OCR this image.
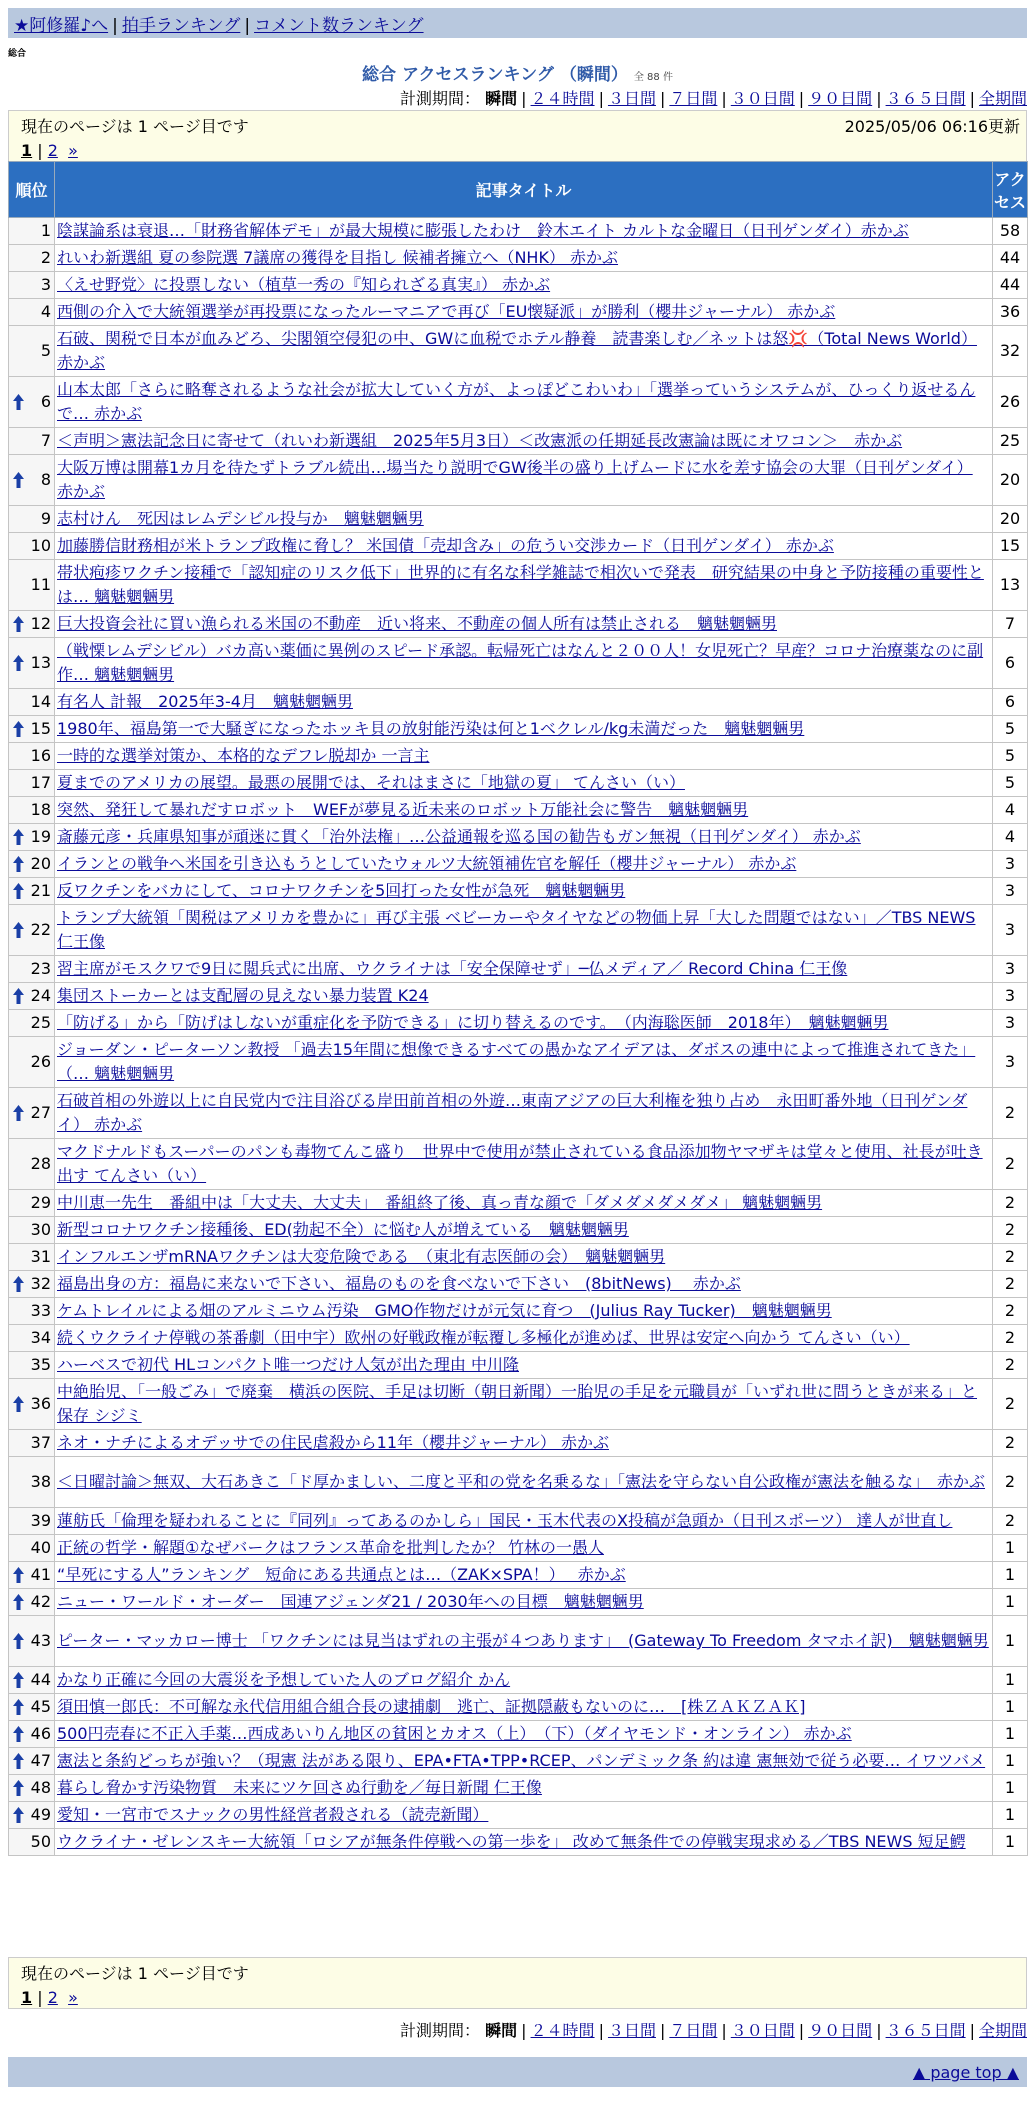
★阿修羅♪へ | 拍手ランキング | コメント数ランキング
総合
総合 アクセスランキング （瞬間） 全 88 件
計測期間： 瞬間 | ２４時間 | ３日間 | ７日間 | ３０日間 | ９０日間 | ３６５日間 | 全期間
現在のページは 1 ページ目です	2025/05/06 06:16更新
1 | 2 »
順位	記事タイトル	アクセス
1	陰謀論系は衰退…「財務省解体デモ」が最大規模に膨張したわけ　鈴木エイト カルトな金曜日（日刊ゲンダイ）赤かぶ	58
2	れいわ新選組 夏の参院選 7議席の獲得を目指し 候補者擁立へ（NHK） 赤かぶ	44
3	〈えせ野党〉に投票しない（植草一秀の『知られざる真実』） 赤かぶ	44
4	西側の介入で大統領選挙が再投票になったルーマニアで再び「EU懐疑派」が勝利（櫻井ジャーナル） 赤かぶ	36
5	石破、関税で日本が血みどろ、尖閣領空侵犯の中、GWに血税でホテル静養　読書楽しむ／ネットは怒💢（Total News World） 赤かぶ	32

6	山本太郎「さらに略奪されるような社会が拡大していく方が、よっぽどこわいわ」「選挙っていうシステムが、ひっくり返せるんで… 赤かぶ	26
7	＜声明＞憲法記念日に寄せて（れいわ新選組　2025年5月3日）＜改憲派の任期延長改憲論は既にオワコン＞　赤かぶ	25

8	大阪万博は開幕1カ月を待たずトラブル続出…場当たり説明でGW後半の盛り上げムードに水を差す協会の大罪（日刊ゲンダイ） 赤かぶ	20
9	志村けん　死因はレムデシビル投与か　魑魅魍魎男	20
10	加藤勝信財務相が米トランプ政権に脅し？ 米国債「売却含み」の危うい交渉カード（日刊ゲンダイ） 赤かぶ	15
11	帯状疱疹ワクチン接種で「認知症のリスク低下」世界的に有名な科学雑誌で相次いで発表　研究結果の中身と予防接種の重要性とは… 魑魅魍魎男	13

12	巨大投資会社に買い漁られる米国の不動産　近い将来、不動産の個人所有は禁止される　魑魅魍魎男	7

13	（戦慄レムデシビル）バカ高い薬価に異例のスピード承認。転帰死亡はなんと２００人！女児死亡？早産？コロナ治療薬なのに副作… 魑魅魍魎男	6
14	有名人 計報　2025年3-4月　魑魅魍魎男	6

15	1980年、福島第一で大騒ぎになったホッキ貝の放射能汚染は何と1ベクレル/kg未満だった　魑魅魍魎男	5
16	一時的な選挙対策か、本格的なデフレ脱却か 一言主	5
17	夏までのアメリカの展望。最悪の展開では、それはまさに「地獄の夏」 てんさい（い）	5
18	突然、発狂して暴れだすロボット　WEFが夢見る近未来のロボット万能社会に警告　魑魅魍魎男	4

19	斎藤元彦・兵庫県知事が頑迷に貫く「治外法権」…公益通報を巡る国の勧告もガン無視（日刊ゲンダイ） 赤かぶ	4

20	イランとの戦争へ米国を引き込もうとしていたウォルツ大統領補佐官を解任（櫻井ジャーナル） 赤かぶ	3

21	反ワクチンをバカにして、コロナワクチンを5回打った女性が急死　魑魅魍魎男	3

22	トランプ大統領「関税はアメリカを豊かに」再び主張 ベビーカーやタイヤなどの物価上昇「大した問題ではない」／TBS NEWS 仁王像	3
23	習主席がモスクワで9日に閲兵式に出席、ウクライナは「安全保障せず」─仏メディア／ Record China 仁王像	3

24	集団ストーカーとは支配層の見えない暴力装置 K24	3
25	「防げる」から「防げはしないが重症化を予防できる」に切り替えるのです。　（内海聡医師　2018年）　魑魅魍魎男	3
26	ジョーダン・ピーターソン教授 「過去15年間に想像できるすべての愚かなアイデアは、ダボスの連中によって推進されてきた」（… 魑魅魍魎男	3

27	石破首相の外遊以上に自民党内で注目浴びる岸田前首相の外遊…東南アジアの巨大利権を独り占め　永田町番外地（日刊ゲンダイ） 赤かぶ	2
28	マクドナルドもスーパーのパンも毒物てんこ盛り　世界中で使用が禁止されている食品添加物ヤマザキは堂々と使用、社長が吐き出す てんさい（い）	2
29	中川恵一先生　番組中は「大丈夫、大丈夫」　番組終了後、真っ青な顔で「ダメダメダメダメ」 魑魅魍魎男	2
30	新型コロナワクチン接種後、ED(勃起不全）に悩む人が増えている　魑魅魍魎男	2
31	インフルエンザmRNAワクチンは大変危険である　（東北有志医師の会）　魑魅魍魎男	2

32	福島出身の方：福島に来ないで下さい、福島のものを食べないで下さい　(8bitNews)　 赤かぶ	2
33	ケムトレイルによる畑のアルミニウム汚染　GMO作物だけが元気に育つ　(Julius Ray Tucker)　魑魅魍魎男	2
34	続くウクライナ停戦の茶番劇（田中宇）欧州の好戦政権が転覆し多極化が進めば、世界は安定へ向かう てんさい（い）	2
35	ハーベスで初代 HLコンパクト唯一つだけ人気が出た理由 中川隆	2

36	中絶胎児、「一般ごみ」で廃棄　横浜の医院、手足は切断（朝日新聞）一胎児の手足を元職員が「いずれ世に問うときが来る」と保存 シジミ	2
37	ネオ・ナチによるオデッサでの住民虐殺から11年（櫻井ジャーナル） 赤かぶ	2
38	＜日曜討論＞無双、大石あきこ「ド厚かましい、二度と平和の党を名乗るな」「憲法を守らない自公政権が憲法を触るな」　赤かぶ	2
39	蓮舫氏「倫理を疑われることに『同列』ってあるのかしら」国民・玉木代表のX投稿が急頭か（日刊スポーツ） 達人が世直し	2
40	正統の哲学・解題①なぜバークはフランス革命を批判したか？ 竹林の一愚人	1

41	“早死にする人”ランキング　短命にある共通点とは…（ZAK×SPA！）　 赤かぶ	1

42	ニュー・ワールド・オーダー　国連アジェンダ21 / 2030年への目標　魑魅魍魎男	1

43	ピーター・マッカロー博士 「ワクチンには見当はずれの主張が４つあります」　(Gateway To Freedom タマホイ訳)　魑魅魍魎男	1

44	かなり正確に今回の大震災を予想していた人のブログ紹介 かん	1

45	須田慎一郎氏：不可解な永代信用組合組合長の逮捕劇　逃亡、証拠隠蔽もないのに…　[株ＺＡＫＺＡＫ]	1

46	500円売春に不正入手薬…西成あいりん地区の貧困とカオス（上）　（下）（ダイヤモンド・オンライン） 赤かぶ	1

47	憲法と条約どっちが強い？（現憲 法がある限り、EPA•FTA•TPP•RCEP、パンデミック条 約は違 憲無効で従う必要… イワツバメ	1

48	暮らし脅かす汚染物質　未来にツケ回さぬ行動を／毎日新聞 仁王像	1

49	愛知・一宮市でスナックの男性経営者殺される（読売新聞）	1
50	ウクライナ・ゼレンスキー大統領「ロシアが無条件停戦への第一歩を」 改めて無条件での停戦実現求める／TBS NEWS 短足鰐	1
現在のページは 1 ページ目です
1 | 2 »
計測期間： 瞬間 | ２４時間 | ３日間 | ７日間 | ３０日間 | ９０日間 | ３６５日間 | 全期間
▲ page top ▲
